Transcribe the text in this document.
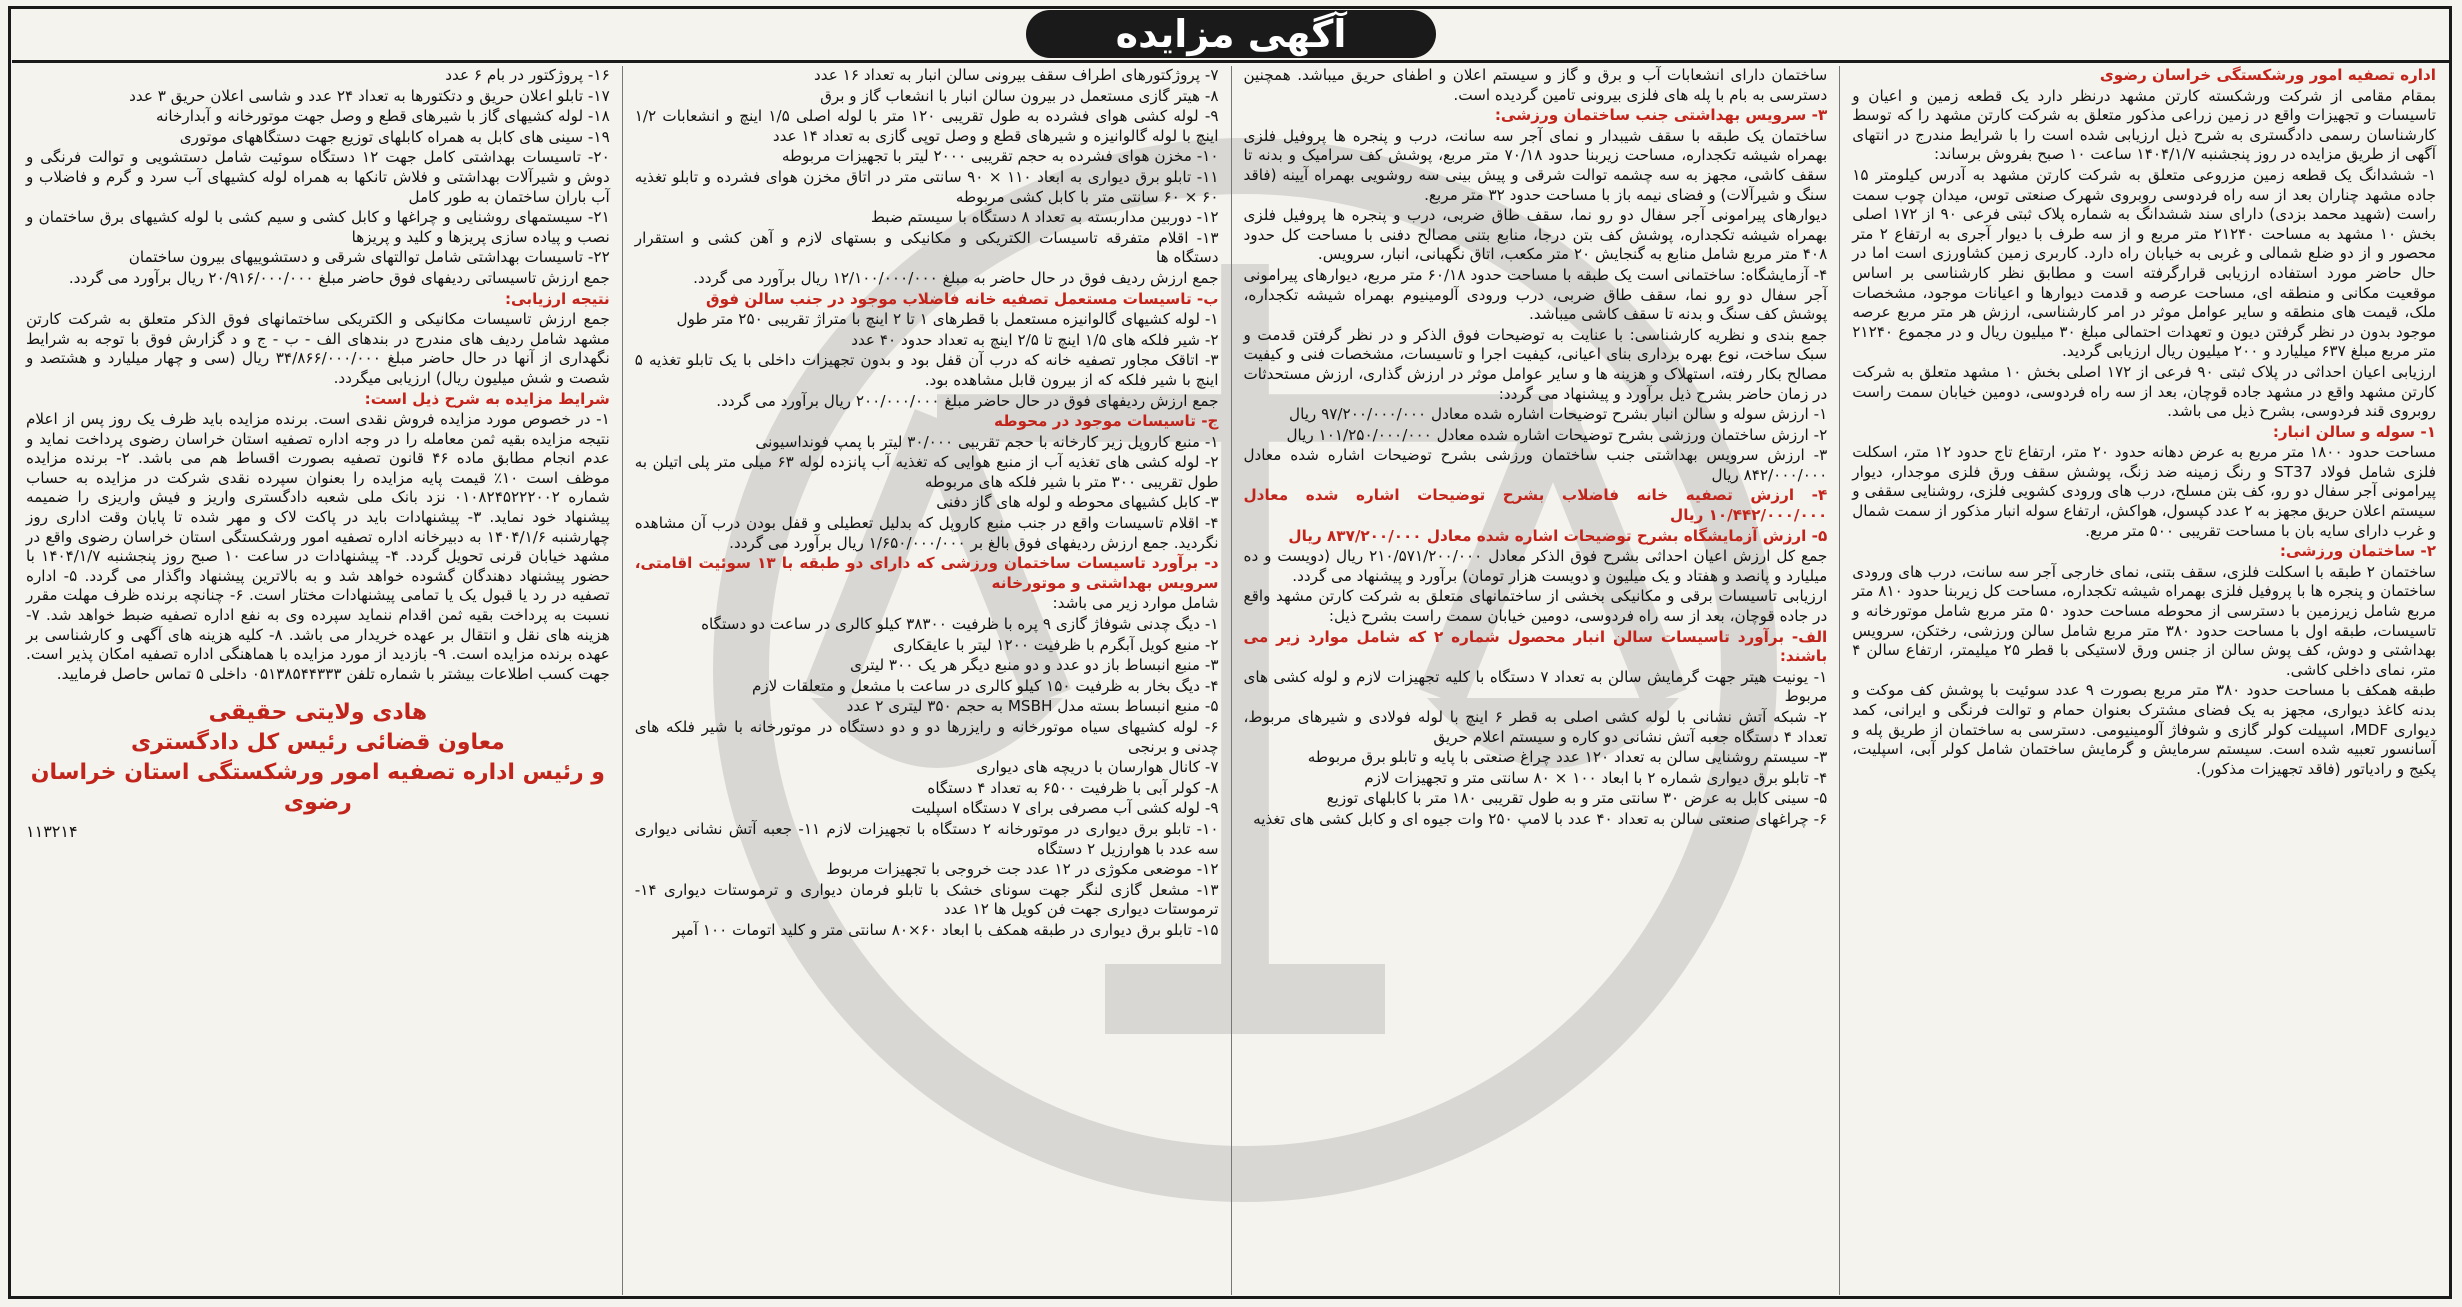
آگهی مزایده

اداره تصفیه امور ورشکستگی خراسان رضوی

بمقام مقامی از شرکت ورشکسته کارتن مشهد درنظر دارد یک قطعه زمین و اعیان و تاسیسات و تجهیزات واقع در زمین زراعی مذکور متعلق به شرکت کارتن مشهد را که توسط کارشناسان رسمی دادگستری به شرح ذیل ارزیابی شده است را با شرایط مندرج در انتهای آگهی از طریق مزایده در روز پنجشنبه ۱۴۰۴/۱/۷ ساعت ۱۰ صبح بفروش برساند:

۱- ششدانگ یک قطعه زمین مزروعی متعلق به شرکت کارتن مشهد به آدرس کیلومتر ۱۵ جاده مشهد چناران بعد از سه راه فردوسی روبروی شهرک صنعتی توس، میدان چوب سمت راست (شهید محمد بزدی) دارای سند ششدانگ به شماره پلاک ثبتی فرعی ۹۰ از ۱۷۲ اصلی بخش ۱۰ مشهد به مساحت ۲۱۲۴۰ متر مربع و از سه طرف با دیوار آجری به ارتفاع ۲ متر محصور و از دو ضلع شمالی و غربی به خیابان راه دارد. کاربری زمین کشاورزی است اما در حال حاضر مورد استفاده ارزیابی قرارگرفته است و مطابق نظر کارشناسی بر اساس موقعیت مکانی و منطقه ای، مساحت عرصه و قدمت دیوارها و اعیانات موجود، مشخصات ملک، قیمت های منطقه و سایر عوامل موثر در امر کارشناسی، ارزش هر متر مربع عرصه موجود بدون در نظر گرفتن دیون و تعهدات احتمالی مبلغ ۳۰ میلیون ریال و در مجموع ۲۱۲۴۰ متر مربع مبلغ ۶۳۷ میلیارد و ۲۰۰ میلیون ریال ارزیابی گردید.

ارزیابی اعیان احداثی در پلاک ثبتی ۹۰ فرعی از ۱۷۲ اصلی بخش ۱۰ مشهد متعلق به شرکت کارتن مشهد واقع در مشهد جاده قوچان، بعد از سه راه فردوسی، دومین خیابان سمت راست روبروی قند فردوسی، بشرح ذیل می باشد.

۱- سوله و سالن انبار:

مساحت حدود ۱۸۰۰ متر مربع به عرض دهانه حدود ۲۰ متر، ارتفاع تاج حدود ۱۲ متر، اسکلت فلزی شامل فولاد ST37 و رنگ زمینه ضد زنگ، پوشش سقف ورق فلزی موجدار، دیوار پیرامونی آجر سفال دو رو، کف بتن مسلح، درب های ورودی کشویی فلزی، روشنایی سقفی و سیستم اعلان حریق مجهز به ۲ عدد کپسول، هواکش، ارتفاع سوله انبار مذکور از سمت شمال و غرب دارای سایه بان با مساحت تقریبی ۵۰۰ متر مربع.

۲- ساختمان ورزشی:

ساختمان ۲ طبقه با اسکلت فلزی، سقف بتنی، نمای خارجی آجر سه سانت، درب های ورودی ساختمان و پنجره ها با پروفیل فلزی بهمراه شیشه تکجداره، مساحت کل زیربنا حدود ۸۱۰ متر مربع شامل زیرزمین با دسترسی از محوطه مساحت حدود ۵۰ متر مربع شامل موتورخانه و تاسیسات، طبقه اول با مساحت حدود ۳۸۰ متر مربع شامل سالن ورزشی، رختکن، سرویس بهداشتی و دوش، کف پوش سالن از جنس ورق لاستیکی با قطر ۲۵ میلیمتر، ارتفاع سالن ۴ متر، نمای داخلی کاشی.

طبقه همکف با مساحت حدود ۳۸۰ متر مربع بصورت ۹ عدد سوئیت با پوشش کف موکت و بدنه کاغذ دیواری، مجهز به یک فضای مشترک بعنوان حمام و توالت فرنگی و ایرانی، کمد دیواری MDF، اسپیلت کولر گازی و شوفاژ آلومینیومی. دسترسی به ساختمان از طریق پله و آسانسور تعبیه شده است. سیستم سرمایش و گرمایش ساختمان شامل کولر آبی، اسپلیت، پکیج و رادیاتور (فاقد تجهیزات مذکور).

ساختمان دارای انشعابات آب و برق و گاز و سیستم اعلان و اطفای حریق میباشد. همچنین دسترسی به بام با پله های فلزی بیرونی تامین گردیده است.

۳- سرویس بهداشتی جنب ساختمان ورزشی:

ساختمان یک طبقه با سقف شیبدار و نمای آجر سه سانت، درب و پنجره ها پروفیل فلزی بهمراه شیشه تکجداره، مساحت زیربنا حدود ۷۰/۱۸ متر مربع، پوشش کف سرامیک و بدنه تا سقف کاشی، مجهز به سه چشمه توالت شرقی و پیش بینی سه روشویی بهمراه آیینه (فاقد سنگ و شیرآلات) و فضای نیمه باز با مساحت حدود ۳۲ متر مربع.

دیوارهای پیرامونی آجر سفال دو رو نما، سقف طاق ضربی، درب و پنجره ها پروفیل فلزی بهمراه شیشه تکجداره، پوشش کف بتن درجا، منابع بتنی مصالح دفنی با مساحت کل حدود ۴۰۸ متر مربع شامل منابع به گنجایش ۲۰ متر مکعب، اتاق نگهبانی، انبار، سرویس.

۴- آزمایشگاه: ساختمانی است یک طبقه با مساحت حدود ۶۰/۱۸ متر مربع، دیوارهای پیرامونی آجر سفال دو رو نما، سقف طاق ضربی، درب ورودی آلومینیوم بهمراه شیشه تکجداره، پوشش کف سنگ و بدنه تا سقف کاشی میباشد.

جمع بندی و نظریه کارشناسی: با عنایت به توضیحات فوق الذکر و در نظر گرفتن قدمت و سبک ساخت، نوع بهره برداری بنای اعیانی، کیفیت اجرا و تاسیسات، مشخصات فنی و کیفیت مصالح بکار رفته، استهلاک و هزینه ها و سایر عوامل موثر در ارزش گذاری، ارزش مستحدثات در زمان حاضر بشرح ذیل برآورد و پیشنهاد می گردد:

۱- ارزش سوله و سالن انبار بشرح توضیحات اشاره شده معادل ۹۷/۲۰۰/۰۰۰/۰۰۰ ریال

۲- ارزش ساختمان ورزشی بشرح توضیحات اشاره شده معادل ۱۰۱/۲۵۰/۰۰۰/۰۰۰ ریال

۳- ارزش سرویس بهداشتی جنب ساختمان ورزشی بشرح توضیحات اشاره شده معادل ۸۴۲/۰۰۰/۰۰۰ ریال

۴- ارزش تصفیه خانه فاضلاب بشرح توضیحات اشاره شده معادل ۱۰/۴۴۲/۰۰۰/۰۰۰ ریال

۵- ارزش آزمایشگاه بشرح توضیحات اشاره شده معادل ۸۳۷/۲۰۰/۰۰۰ ریال

جمع کل ارزش اعیان احداثی بشرح فوق الذکر معادل ۲۱۰/۵۷۱/۲۰۰/۰۰۰ ریال (دویست و ده میلیارد و پانصد و هفتاد و یک میلیون و دویست هزار تومان) برآورد و پیشنهاد می گردد.

ارزیابی تاسیسات برقی و مکانیکی بخشی از ساختمانهای متعلق به شرکت کارتن مشهد واقع در جاده قوچان، بعد از سه راه فردوسی، دومین خیابان سمت راست بشرح ذیل:

الف- برآورد تاسیسات سالن انبار محصول شماره ۲ که شامل موارد زیر می باشند:

۱- یونیت هیتر جهت گرمایش سالن به تعداد ۷ دستگاه با کلیه تجهیزات لازم و لوله کشی های مربوط

۲- شبکه آتش نشانی با لوله کشی اصلی به قطر ۶ اینچ با لوله فولادی و شیرهای مربوط، تعداد ۴ دستگاه جعبه آتش نشانی دو کاره و سیستم اعلام حریق

۳- سیستم روشنایی سالن به تعداد ۱۲۰ عدد چراغ صنعتی با پایه و تابلو برق مربوطه

۴- تابلو برق دیواری شماره ۲ با ابعاد ۱۰۰ × ۸۰ سانتی متر و تجهیزات لازم

۵- سینی کابل به عرض ۳۰ سانتی متر و به طول تقریبی ۱۸۰ متر با کابلهای توزیع

۶- چراغهای صنعتی سالن به تعداد ۴۰ عدد با لامپ ۲۵۰ وات جیوه ای و کابل کشی های تغذیه

۷- پروژکتورهای اطراف سقف بیرونی سالن انبار به تعداد ۱۶ عدد

۸- هیتر گازی مستعمل در بیرون سالن انبار با انشعاب گاز و برق

۹- لوله کشی هوای فشرده به طول تقریبی ۱۲۰ متر با لوله اصلی ۱/۵ اینچ و انشعابات ۱/۲ اینچ با لوله گالوانیزه و شیرهای قطع و وصل توپی گازی به تعداد ۱۴ عدد

۱۰- مخزن هوای فشرده به حجم تقریبی ۲۰۰۰ لیتر با تجهیزات مربوطه

۱۱- تابلو برق دیواری به ابعاد ۱۱۰ × ۹۰ سانتی متر در اتاق مخزن هوای فشرده و تابلو تغذیه ۶۰ × ۶۰ سانتی متر با کابل کشی مربوطه

۱۲- دوربین مداربسته به تعداد ۸ دستگاه با سیستم ضبط

۱۳- اقلام متفرقه تاسیسات الکتریکی و مکانیکی و بستهای لازم و آهن کشی و استقرار دستگاه ها

جمع ارزش ردیف فوق در حال حاضر به مبلغ ۱۲/۱۰۰/۰۰۰/۰۰۰ ریال برآورد می گردد.

ب- تاسیسات مستعمل تصفیه خانه فاضلاب موجود در جنب سالن فوق

۱- لوله کشیهای گالوانیزه مستعمل با قطرهای ۱ تا ۲ اینچ با متراژ تقریبی ۲۵۰ متر طول

۲- شیر فلکه های ۱/۵ اینچ تا ۲/۵ اینچ به تعداد حدود ۴۰ عدد

۳- اتاقک مجاور تصفیه خانه که درب آن قفل بود و بدون تجهیزات داخلی با یک تابلو تغذیه ۵ اینچ با شیر فلکه که از بیرون قابل مشاهده بود.

جمع ارزش ردیفهای فوق در حال حاضر مبلغ ۲۰۰/۰۰۰/۰۰۰ ریال برآورد می گردد.

ج- تاسیسات موجود در محوطه

۱- منبع کاروپل زیر کارخانه با حجم تقریبی ۳۰/۰۰۰ لیتر با پمپ فونداسیونی

۲- لوله کشی های تغذیه آب از منبع هوایی که تغذیه آب پانزده لوله ۶۳ میلی متر پلی اتیلن به طول تقریبی ۳۰۰ متر با شیر فلکه های مربوطه

۳- کابل کشیهای محوطه و لوله های گاز دفنی

۴- اقلام تاسیسات واقع در جنب منبع کاروپل که بدلیل تعطیلی و قفل بودن درب آن مشاهده نگردید. جمع ارزش ردیفهای فوق بالغ بر ۱/۶۵۰/۰۰۰/۰۰۰ ریال برآورد می گردد.

د- برآورد تاسیسات ساختمان ورزشی که دارای دو طبقه با ۱۳ سوئیت اقامتی، سرویس بهداشتی و موتورخانه

شامل موارد زیر می باشد:

۱- دیگ چدنی شوفاژ گازی ۹ پره با ظرفیت ۳۸۳۰۰ کیلو کالری در ساعت دو دستگاه

۲- منبع کویل آبگرم با ظرفیت ۱۲۰۰ لیتر با عایقکاری

۳- منبع انبساط باز دو عدد و دو منبع دیگر هر یک ۳۰۰ لیتری

۴- دیگ بخار به ظرفیت ۱۵۰ کیلو کالری در ساعت با مشعل و متعلقات لازم

۵- منبع انبساط بسته مدل MSBH به حجم ۳۵۰ لیتری ۲ عدد

۶- لوله کشیهای سیاه موتورخانه و رایزرها دو و دو دستگاه در موتورخانه با شیر فلکه های چدنی و برنجی

۷- کانال هوارسان با دریچه های دیواری

۸- کولر آبی با ظرفیت ۶۵۰۰ به تعداد ۴ دستگاه

۹- لوله کشی آب مصرفی برای ۷ دستگاه اسپلیت

۱۰- تابلو برق دیواری در موتورخانه ۲ دستگاه با تجهیزات لازم ۱۱- جعبه آتش نشانی دیواری سه عدد با هوارزیل ۲ دستگاه

۱۲- موضعی مکوژی در ۱۲ عدد جت خروجی با تجهیزات مربوط

۱۳- مشعل گازی لنگر جهت سونای خشک با تابلو فرمان دیواری و ترموستات دیواری ۱۴- ترموستات دیواری جهت فن کویل ها ۱۲ عدد

۱۵- تابلو برق دیواری در طبقه همکف با ابعاد ۶۰×۸۰ سانتی متر و کلید اتومات ۱۰۰ آمپر

۱۶- پروژکتور در بام ۶ عدد

۱۷- تابلو اعلان حریق و دتکتورها به تعداد ۲۴ عدد و شاسی اعلان حریق ۳ عدد

۱۸- لوله کشیهای گاز با شیرهای قطع و وصل جهت موتورخانه و آبدارخانه

۱۹- سینی های کابل به همراه کابلهای توزیع جهت دستگاههای موتوری

۲۰- تاسیسات بهداشتی کامل جهت ۱۲ دستگاه سوئیت شامل دستشویی و توالت فرنگی و دوش و شیرآلات بهداشتی و فلاش تانکها به همراه لوله کشیهای آب سرد و گرم و فاضلاب و آب باران ساختمان به طور کامل

۲۱- سیستمهای روشنایی و چراغها و کابل کشی و سیم کشی با لوله کشیهای برق ساختمان و نصب و پیاده سازی پریزها و کلید و پریزها

۲۲- تاسیسات بهداشتی شامل توالتهای شرقی و دستشوییهای بیرون ساختمان

جمع ارزش تاسیساتی ردیفهای فوق حاضر مبلغ ۲۰/۹۱۶/۰۰۰/۰۰۰ ریال برآورد می گردد.

نتیجه ارزیابی:

جمع ارزش تاسیسات مکانیکی و الکتریکی ساختمانهای فوق الذکر متعلق به شرکت کارتن مشهد شامل ردیف های مندرج در بندهای الف - ب - ج و د گزارش فوق با توجه به شرایط نگهداری از آنها در حال حاضر مبلغ ۳۴/۸۶۶/۰۰۰/۰۰۰ ریال (سی و چهار میلیارد و هشتصد و شصت و شش میلیون ریال) ارزیابی میگردد.

شرایط مزایده به شرح ذیل است:

۱- در خصوص مورد مزایده فروش نقدی است. برنده مزایده باید ظرف یک روز پس از اعلام نتیجه مزایده بقیه ثمن معامله را در وجه اداره تصفیه استان خراسان رضوی پرداخت نماید و عدم انجام مطابق ماده ۴۶ قانون تصفیه بصورت اقساط هم می باشد. ۲- برنده مزایده موظف است ۱۰٪ قیمت پایه مزایده را بعنوان سپرده نقدی شرکت در مزایده به حساب شماره ۰۱۰۸۲۴۵۲۲۲۰۰۲ نزد بانک ملی شعبه دادگستری واریز و فیش واریزی را ضمیمه پیشنهاد خود نماید. ۳- پیشنهادات باید در پاکت لاک و مهر شده تا پایان وقت اداری روز چهارشنبه ۱۴۰۴/۱/۶ به دبیرخانه اداره تصفیه امور ورشکستگی استان خراسان رضوی واقع در مشهد خیابان قرنی تحویل گردد. ۴- پیشنهادات در ساعت ۱۰ صبح روز پنجشنبه ۱۴۰۴/۱/۷ با حضور پیشنهاد دهندگان گشوده خواهد شد و به بالاترین پیشنهاد واگذار می گردد. ۵- اداره تصفیه در رد یا قبول یک یا تمامی پیشنهادات مختار است. ۶- چنانچه برنده ظرف مهلت مقرر نسبت به پرداخت بقیه ثمن اقدام ننماید سپرده وی به نفع اداره تصفیه ضبط خواهد شد. ۷- هزینه های نقل و انتقال بر عهده خریدار می باشد. ۸- کلیه هزینه های آگهی و کارشناسی بر عهده برنده مزایده است. ۹- بازدید از مورد مزایده با هماهنگی اداره تصفیه امکان پذیر است. جهت کسب اطلاعات بیشتر با شماره تلفن ۰۵۱۳۸۵۴۴۳۳۳ داخلی ۵ تماس حاصل فرمایید.

هادی ولایتی حقیقی
معاون قضائی رئیس کل دادگستری
و رئیس اداره تصفیه امور ورشکستگی استان خراسان رضوی
۱۱۳۲۱۴
